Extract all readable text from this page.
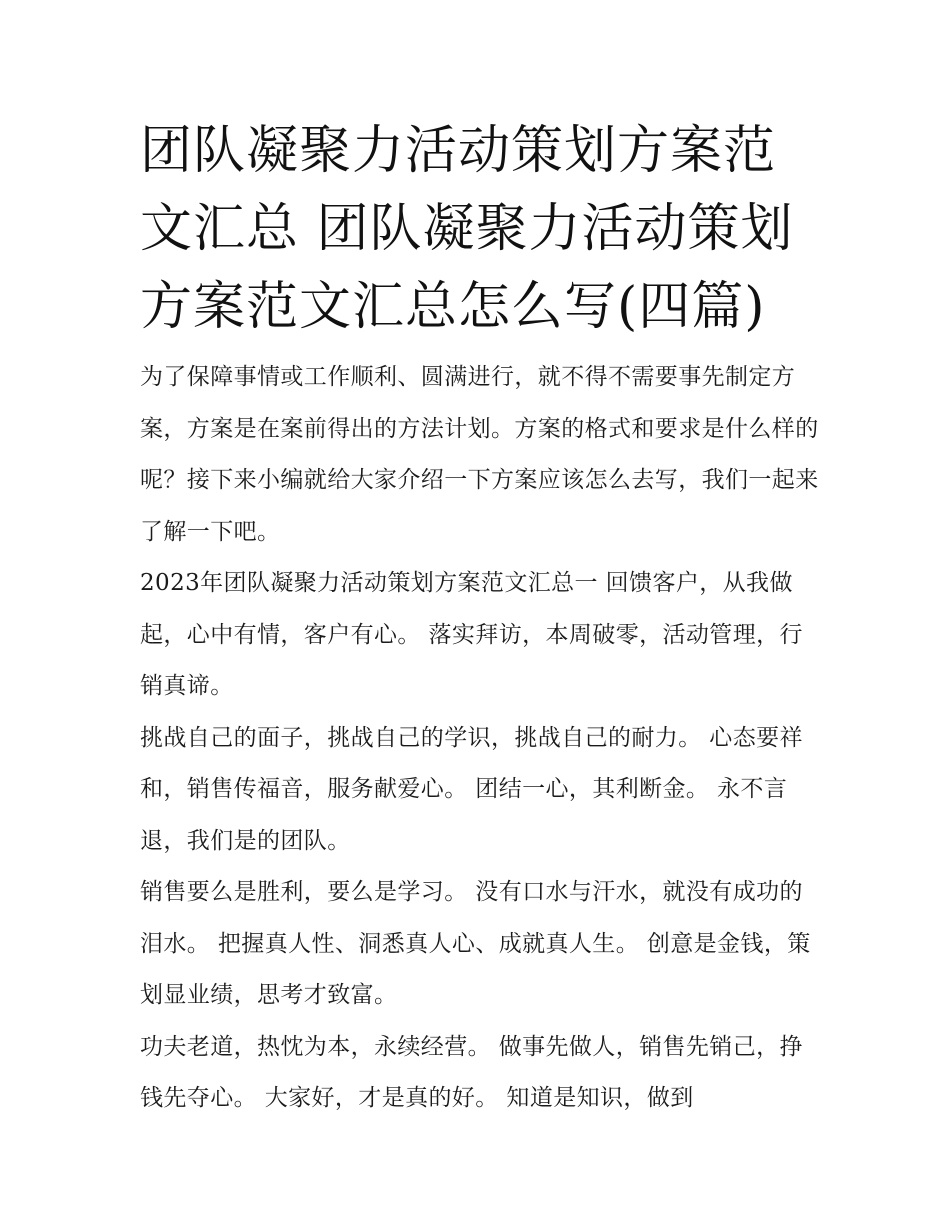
团队凝聚力活动策划方案范文汇总 团队凝聚力活动策划方案范文汇总怎么写(四篇)

为了保障事情或工作顺利、圆满进行，就不得不需要事先制定方案，方案是在案前得出的方法计划。方案的格式和要求是什么样的呢？接下来小编就给大家介绍一下方案应该怎么去写，我们一起来了解一下吧。

2023年团队凝聚力活动策划方案范文汇总一 回馈客户，从我做起，心中有情，客户有心。 落实拜访，本周破零，活动管理，行销真谛。

挑战自己的面子，挑战自己的学识，挑战自己的耐力。 心态要祥和，销售传福音，服务献爱心。 团结一心，其利断金。 永不言退，我们是的团队。

销售要么是胜利，要么是学习。 没有口水与汗水，就没有成功的泪水。 把握真人性、洞悉真人心、成就真人生。 创意是金钱，策划显业绩，思考才致富。

功夫老道，热忱为本，永续经营。 做事先做人，销售先销己，挣钱先夺心。 大家好，才是真的好。 知道是知识，做到
